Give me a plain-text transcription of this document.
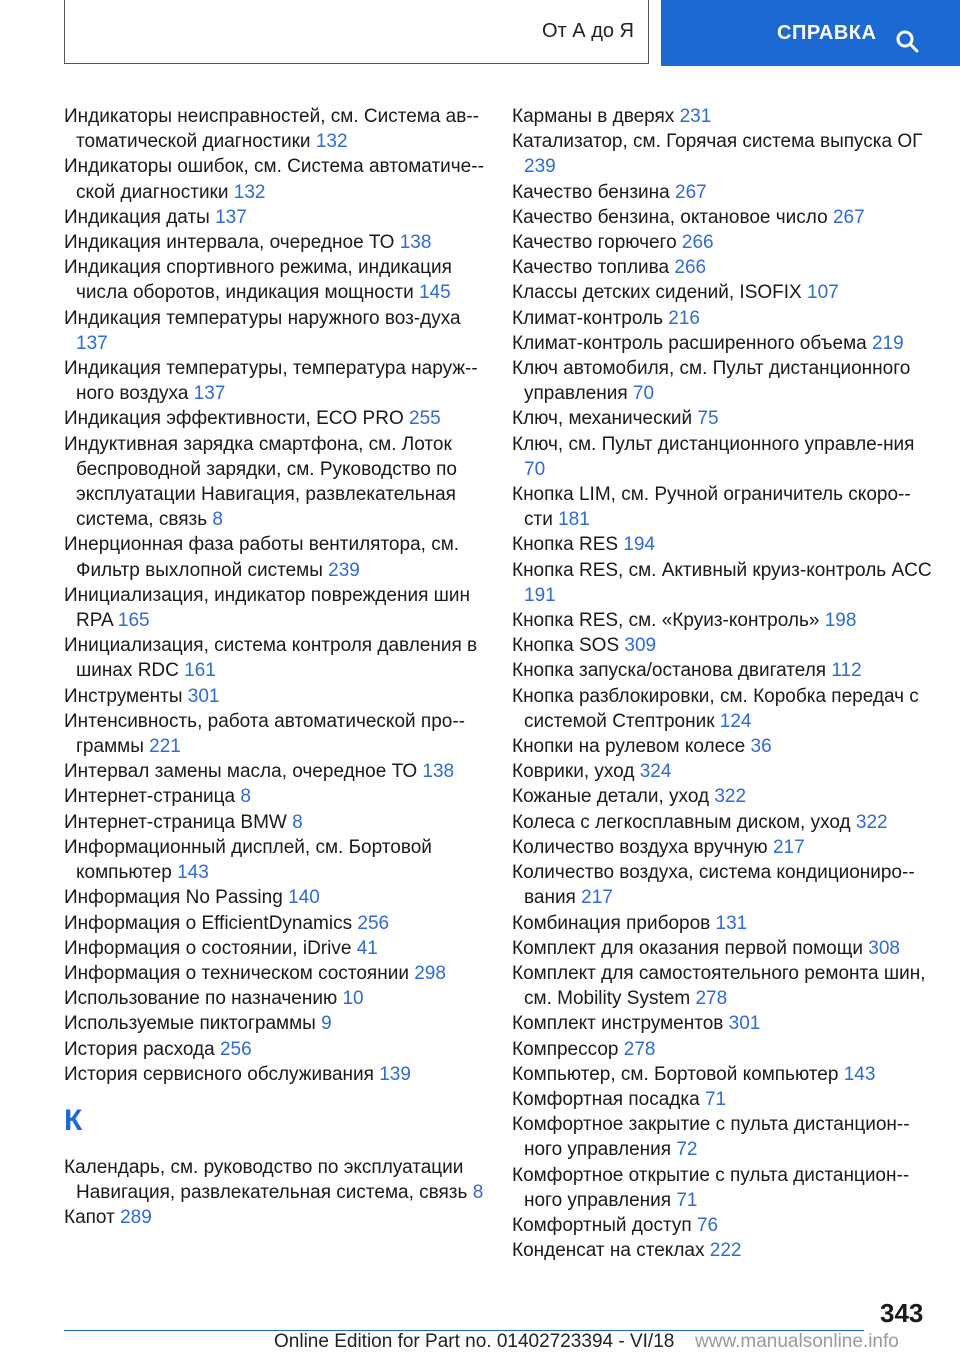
От А до Я	СПРАВКА

Индикаторы неисправностей, см. Система ав-томатической диагностики 132

Индикаторы ошибок, см. Система автоматиче-ской диагностики 132

Индикация даты 137

Индикация интервала, очередное ТО 138

Индикация спортивного режима, индикация числа оборотов, индикация мощности 145

Индикация температуры наружного воз-духа 137

Индикация температуры, температура наруж-ного воздуха 137

Индикация эффективности, ECO PRO 255

Индуктивная зарядка смартфона, см. Лоток беспроводной зарядки, см. Руководство по эксплуатации Навигация, развлекательная система, связь 8

Инерционная фаза работы вентилятора, см. Фильтр выхлопной системы 239

Инициализация, индикатор повреждения шин RPA 165

Инициализация, система контроля давления в шинах RDC 161

Инструменты 301

Интенсивность, работа автоматической про-граммы 221

Интервал замены масла, очередное ТО 138

Интернет-страница 8

Интернет-страница BMW 8

Информационный дисплей, см. Бортовой компьютер 143

Информация No Passing 140

Информация о EfficientDynamics 256

Информация о состоянии, iDrive 41

Информация о техническом состоянии 298

Использование по назначению 10

Используемые пиктограммы 9

История расхода 256

История сервисного обслуживания 139

К

Календарь, см. руководство по эксплуатации Навигация, развлекательная система, связь 8

Капот 289

Карманы в дверях 231

Катализатор, см. Горячая система выпуска ОГ 239

Качество бензина 267

Качество бензина, октановое число 267

Качество горючего 266

Качество топлива 266

Классы детских сидений, ISOFIX 107

Климат-контроль 216

Климат-контроль расширенного объема 219

Ключ автомобиля, см. Пульт дистанционного управления 70

Ключ, механический 75

Ключ, см. Пульт дистанционного управле-ния 70

Кнопка LIM, см. Ручной ограничитель скоро-сти 181

Кнопка RES 194

Кнопка RES, см. Активный круиз-контроль ACC 191

Кнопка RES, см. «Круиз-контроль» 198

Кнопка SOS 309

Кнопка запуска/останова двигателя 112

Кнопка разблокировки, см. Коробка передач с системой Стептроник 124

Кнопки на рулевом колесе 36

Коврики, уход 324

Кожаные детали, уход 322

Колеса с легкосплавным диском, уход 322

Количество воздуха вручную 217

Количество воздуха, система кондициониро-вания 217

Комбинация приборов 131

Комплект для оказания первой помощи 308

Комплект для самостоятельного ремонта шин, см. Mobility System 278

Комплект инструментов 301

Компрессор 278

Компьютер, см. Бортовой компьютер 143

Комфортная посадка 71

Комфортное закрытие с пульта дистанцион-ного управления 72

Комфортное открытие с пульта дистанцион-ного управления 71

Комфортный доступ 76

Конденсат на стеклах 222

343
Online Edition for Part no. 01402723394 - VI/18 www.manualsonline.info
